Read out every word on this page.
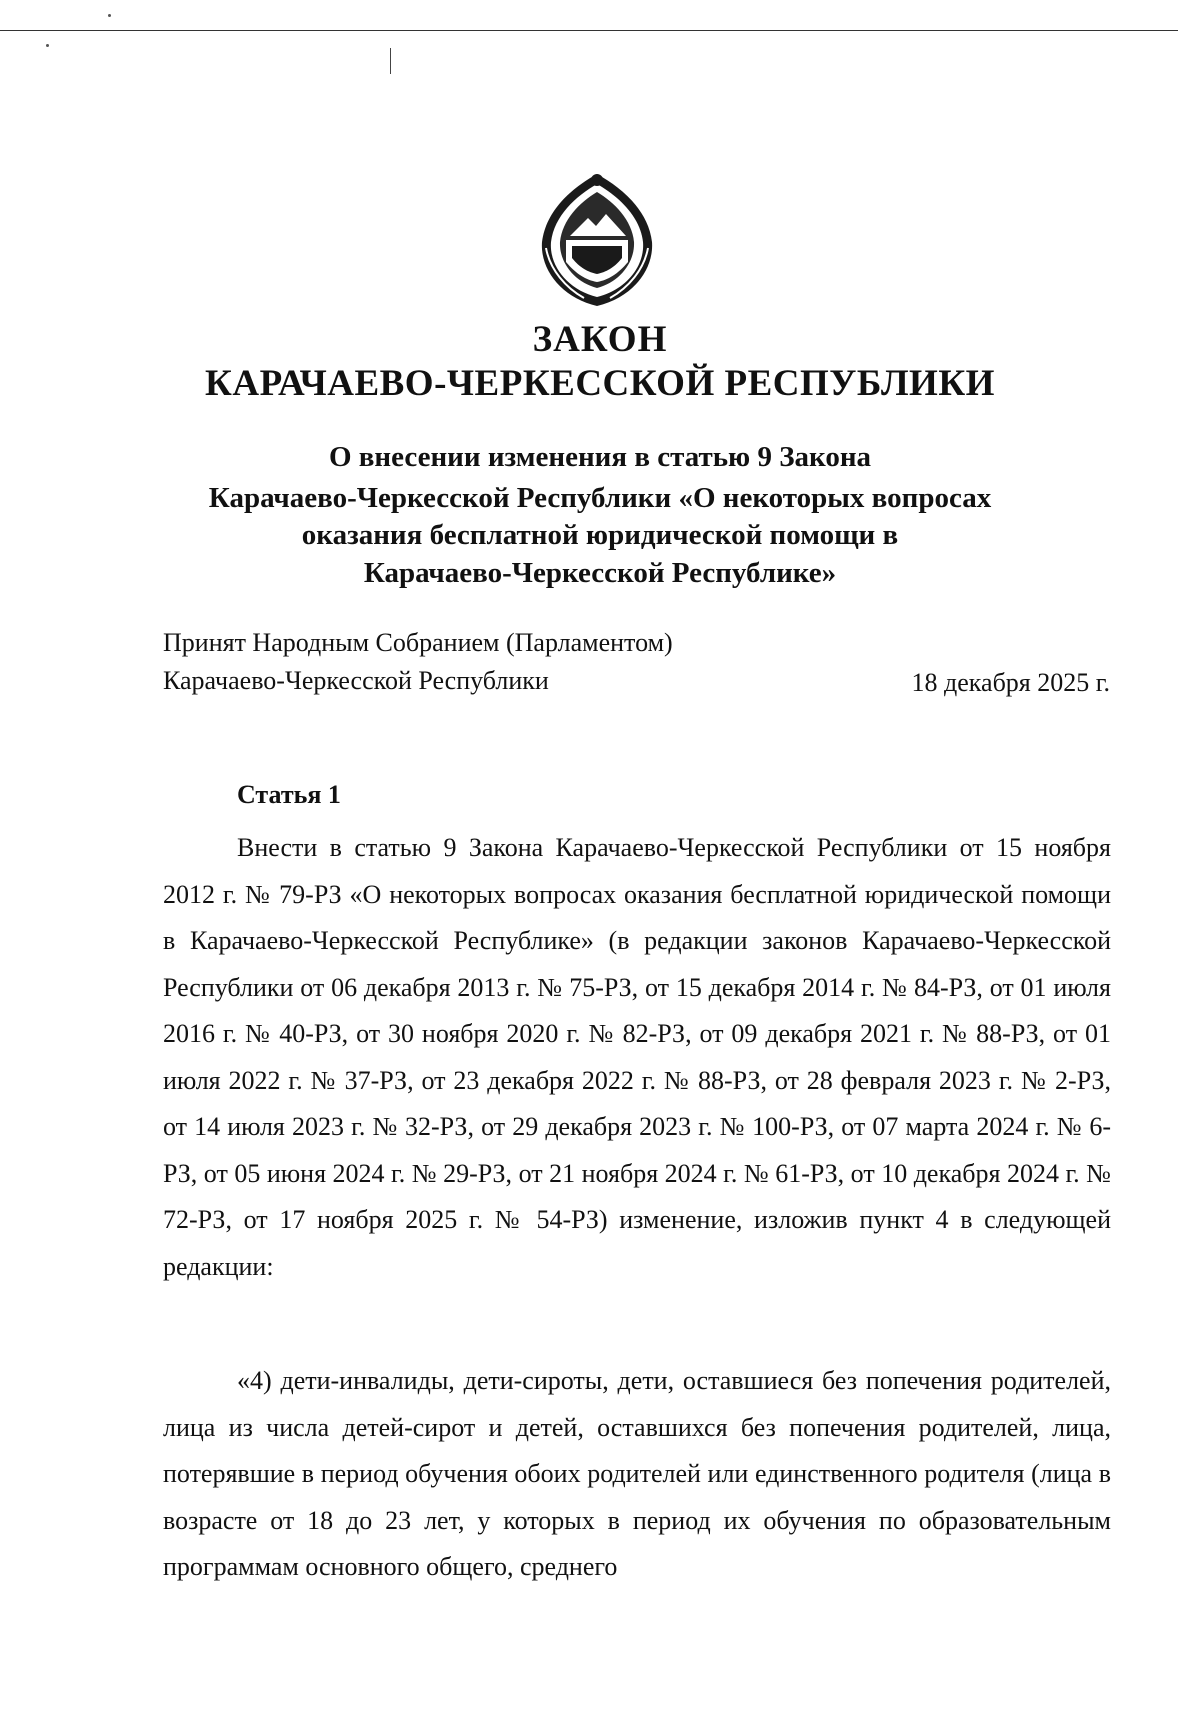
ЗАКОН
КАРАЧАЕВО-ЧЕРКЕССКОЙ РЕСПУБЛИКИ
О внесении изменения в статью 9 Закона
Карачаево-Черкесской Республики «О некоторых вопросах
оказания бесплатной юридической помощи в
Карачаево-Черкесской Республике»
Принят Народным Собранием (Парламентом)
Карачаево-Черкесской Республики	18 декабря 2025 г.
Статья 1

Внести в статью 9 Закона Карачаево-Черкесской Республики от 15 ноября 2012 г. № 79-РЗ «О некоторых вопросах оказания бесплатной юридической помощи в Карачаево-Черкесской Республике» (в редакции законов Карачаево-Черкесской Республики от 06 декабря 2013 г. № 75-РЗ, от 15 декабря 2014 г. № 84-РЗ, от 01 июля 2016 г. № 40-РЗ, от 30 ноября 2020 г. № 82-РЗ, от 09 декабря 2021 г. № 88-РЗ, от 01 июля 2022 г. № 37-РЗ, от 23 декабря 2022 г. № 88-РЗ, от 28 февраля 2023 г. № 2-РЗ, от 14 июля 2023 г. № 32-РЗ, от 29 декабря 2023 г. № 100-РЗ, от 07 марта 2024 г. № 6-РЗ, от 05 июня 2024 г. № 29-РЗ, от 21 ноября 2024 г. № 61-РЗ, от 10 декабря 2024 г. № 72-РЗ, от 17 ноября 2025 г. № 54-РЗ) изменение, изложив пункт 4 в следующей редакции:

«4) дети-инвалиды, дети-сироты, дети, оставшиеся без попечения родителей, лица из числа детей-сирот и детей, оставшихся без попечения родителей, лица, потерявшие в период обучения обоих родителей или единственного родителя (лица в возрасте от 18 до 23 лет, у которых в период их обучения по образовательным программам основного общего, среднего
